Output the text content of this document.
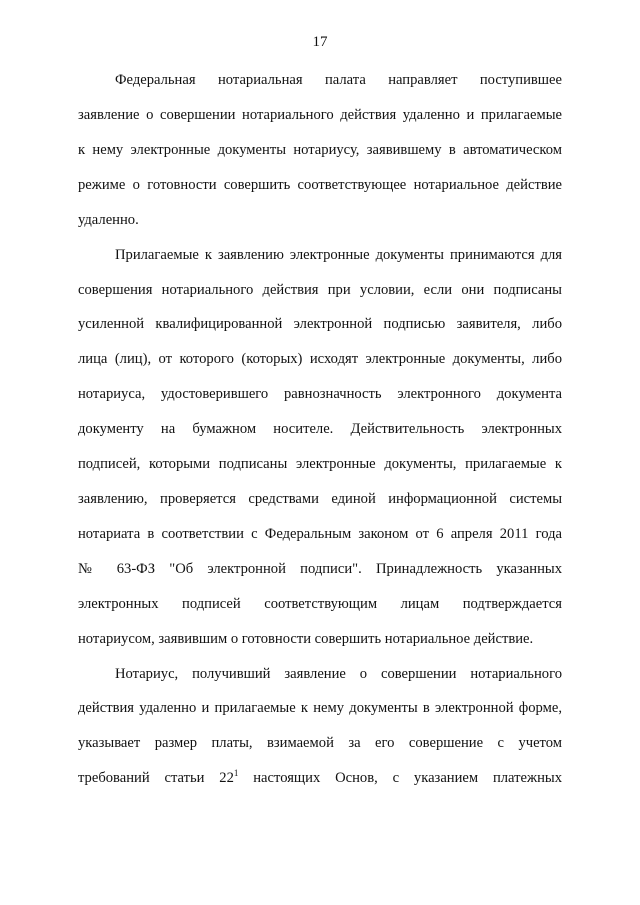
17
Федеральная нотариальная палата направляет поступившее
заявление о совершении нотариального действия удаленно и прилагаемые
к нему электронные документы нотариусу, заявившему в автоматическом
режиме о готовности совершить соответствующее нотариальное действие
удаленно.
Прилагаемые к заявлению электронные документы принимаются для
совершения нотариального действия при условии, если они подписаны
усиленной квалифицированной электронной подписью заявителя, либо
лица (лиц), от которого (которых) исходят электронные документы, либо
нотариуса, удостоверившего равнозначность электронного документа
документу на бумажном носителе. Действительность электронных
подписей, которыми подписаны электронные документы, прилагаемые к
заявлению, проверяется средствами единой информационной системы
нотариата в соответствии с Федеральным законом от 6 апреля 2011 года
№ 63-ФЗ "Об электронной подписи". Принадлежность указанных
электронных подписей соответствующим лицам подтверждается
нотариусом, заявившим о готовности совершить нотариальное действие.
Нотариус, получивший заявление о совершении нотариального
действия удаленно и прилагаемые к нему документы в электронной форме,
указывает размер платы, взимаемой за его совершение с учетом
требований статьи $22^1$ настоящих Основ, с указанием платежных
